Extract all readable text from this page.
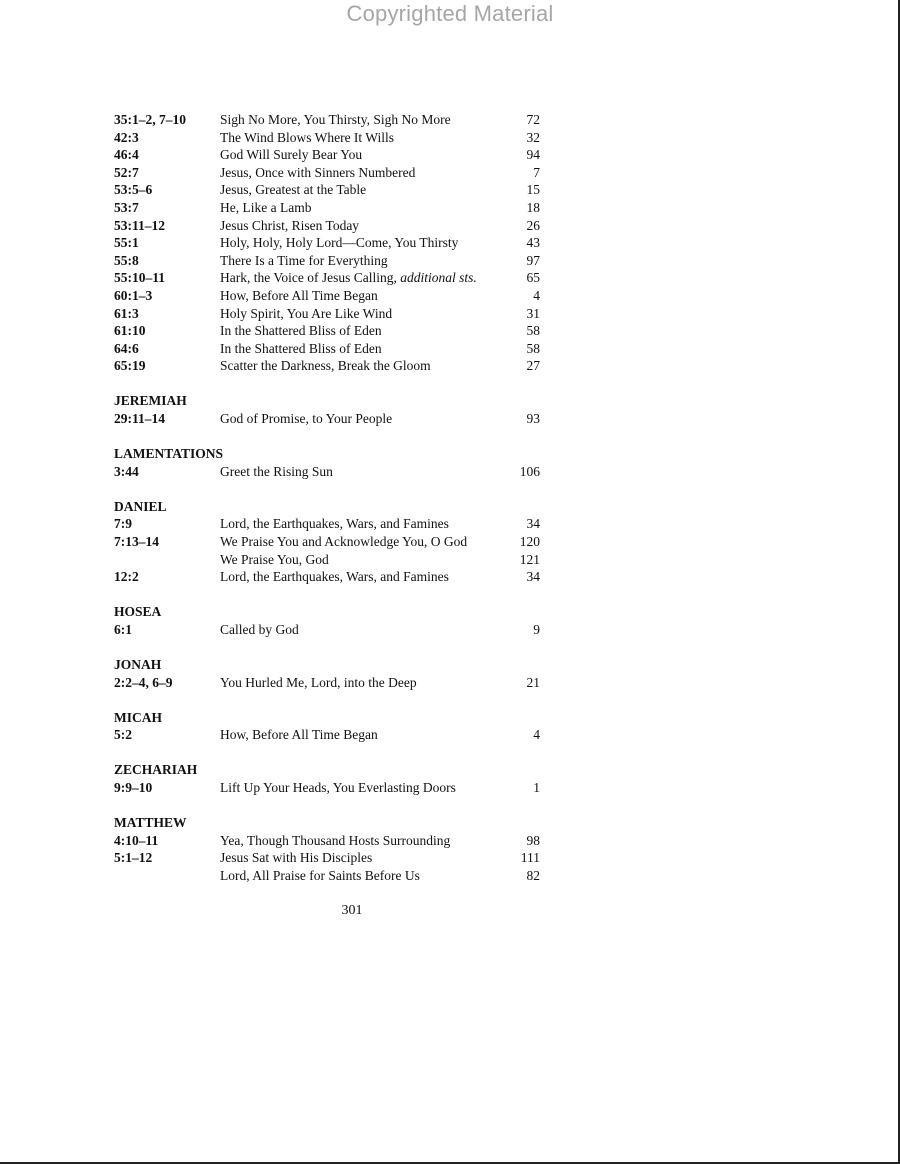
Copyrighted Material
35:1–2, 7–10	Sigh No More, You Thirsty, Sigh No More	72
42:3	The Wind Blows Where It Wills	32
46:4	God Will Surely Bear You	94
52:7	Jesus, Once with Sinners Numbered	7
53:5–6	Jesus, Greatest at the Table	15
53:7	He, Like a Lamb	18
53:11–12	Jesus Christ, Risen Today	26
55:1	Holy, Holy, Holy Lord—Come, You Thirsty	43
55:8	There Is a Time for Everything	97
55:10–11	Hark, the Voice of Jesus Calling, additional sts.	65
60:1–3	How, Before All Time Began	4
61:3	Holy Spirit, You Are Like Wind	31
61:10	In the Shattered Bliss of Eden	58
64:6	In the Shattered Bliss of Eden	58
65:19	Scatter the Darkness, Break the Gloom	27
JEREMIAH
29:11–14	God of Promise, to Your People	93
LAMENTATIONS
3:44	Greet the Rising Sun	106
DANIEL
7:9	Lord, the Earthquakes, Wars, and Famines	34
7:13–14	We Praise You and Acknowledge You, O God	120
We Praise You, God	121
12:2	Lord, the Earthquakes, Wars, and Famines	34
HOSEA
6:1	Called by God	9
JONAH
2:2–4, 6–9	You Hurled Me, Lord, into the Deep	21
MICAH
5:2	How, Before All Time Began	4
ZECHARIAH
9:9–10	Lift Up Your Heads, You Everlasting Doors	1
MATTHEW
4:10–11	Yea, Though Thousand Hosts Surrounding	98
5:1–12	Jesus Sat with His Disciples	111
Lord, All Praise for Saints Before Us	82
301
